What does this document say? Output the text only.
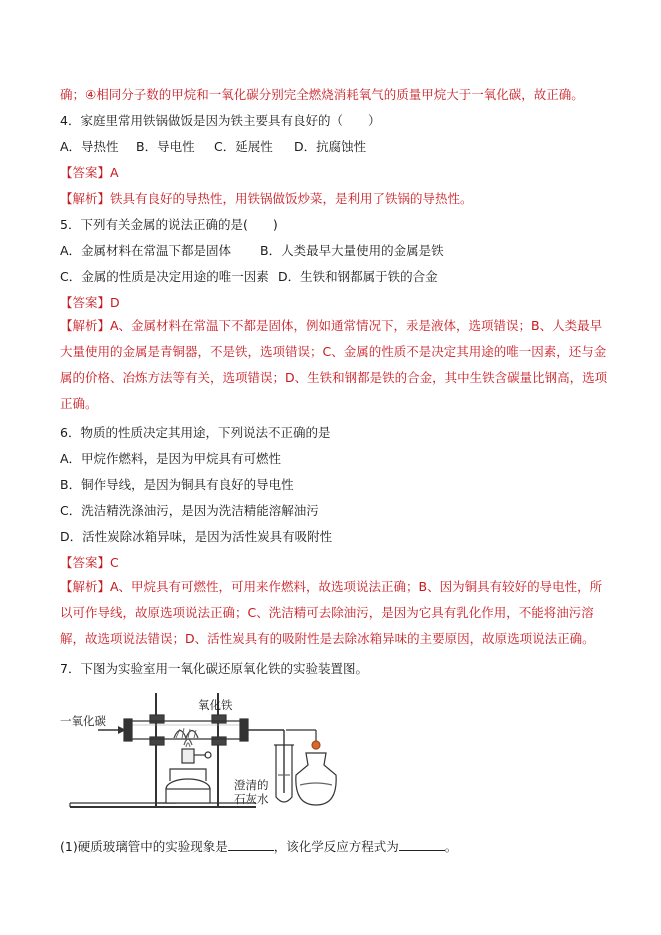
确；④相同分子数的甲烷和一氧化碳分别完全燃烧消耗氧气的质量甲烷大于一氧化碳，故正确。
4．家庭里常用铁锅做饭是因为铁主要具有良好的（　　）
A．导热性 B．导电性 C．延展性 D．抗腐蚀性
【答案】A
【解析】铁具有良好的导热性，用铁锅做饭炒菜，是利用了铁锅的导热性。
5．下列有关金属的说法正确的是(　　)
A．金属材料在常温下都是固体 B．人类最早大量使用的金属是铁
C．金属的性质是决定用途的唯一因素 D．生铁和钢都属于铁的合金
【答案】D
【解析】A、金属材料在常温下不都是固体，例如通常情况下，汞是液体，选项错误；B、人类最早大量使用的金属是青铜器，不是铁，选项错误；C、金属的性质不是决定其用途的唯一因素，还与金属的价格、冶炼方法等有关，选项错误；D、生铁和钢都是铁的合金，其中生铁含碳量比钢高，选项正确。
6．物质的性质决定其用途，下列说法不正确的是
A．甲烷作燃料，是因为甲烷具有可燃性
B．铜作导线，是因为铜具有良好的导电性
C．洗洁精洗涤油污，是因为洗洁精能溶解油污
D．活性炭除冰箱异味，是因为活性炭具有吸附性
【答案】C
【解析】A、甲烷具有可燃性，可用来作燃料，故选项说法正确；B、因为铜具有较好的导电性，所以可作导线，故原选项说法正确；C、洗洁精可去除油污，是因为它具有乳化作用，不能将油污溶解，故选项说法错误；D、活性炭具有的吸附性是去除冰箱异味的主要原因，故原选项说法正确。
7．下图为实验室用一氧化碳还原氧化铁的实验装置图。
一氧化碳
氧化铁
澄清的
石灰水
(1)硬质玻璃管中的实验现象是	，该化学反应方程式为	。
